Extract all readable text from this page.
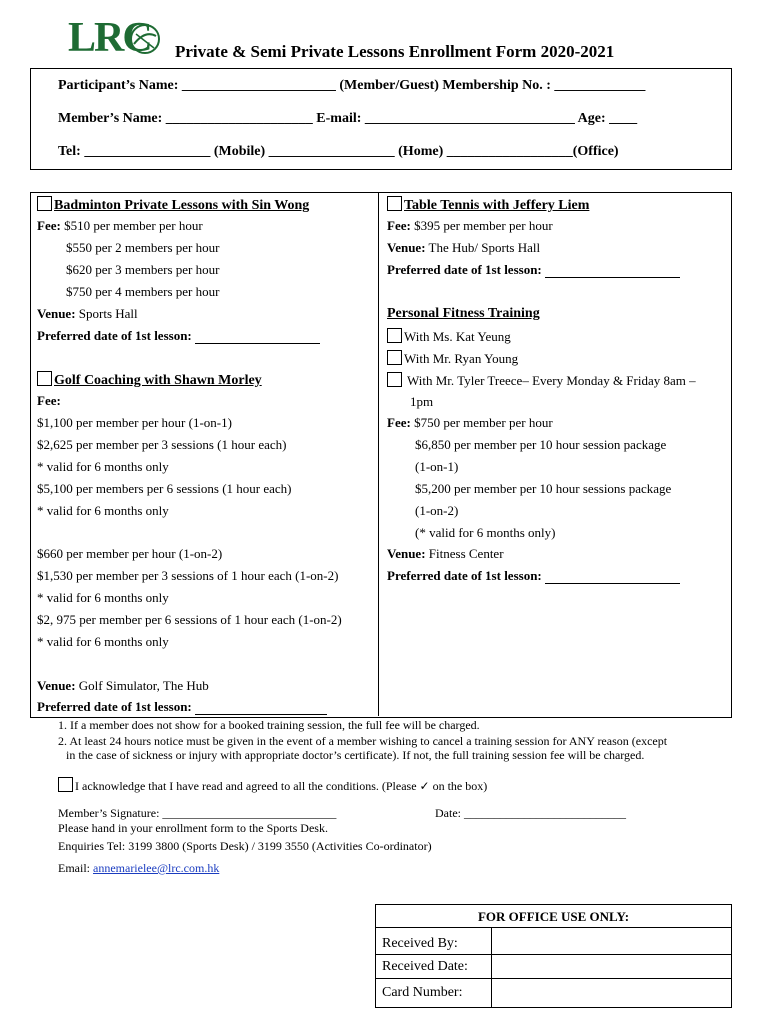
LRC Private & Semi Private Lessons Enrollment Form 2020-2021
Participant’s Name: ______________________ (Member/Guest) Membership No. : _____________
Member’s Name: _____________________ E-mail: ______________________________ Age: ____
Tel: __________________ (Mobile) __________________ (Home) __________________(Office)
Badminton Private Lessons with Sin Wong
Fee: $510 per member per hour
$550 per 2 members per hour
$620 per 3 members per hour
$750 per 4 members per hour
Venue: Sports Hall
Preferred date of 1st lesson:
Golf Coaching with Shawn Morley
Fee:
$1,100 per member per hour (1-on-1)
$2,625 per member per 3 sessions (1 hour each)
* valid for 6 months only
$5,100 per members per 6 sessions (1 hour each)
* valid for 6 months only
$660 per member per hour (1-on-2)
$1,530 per member per 3 sessions of 1 hour each (1-on-2)
* valid for 6 months only
$2, 975 per member per 6 sessions of 1 hour each (1-on-2)
* valid for 6 months only
Venue: Golf Simulator, The Hub
Preferred date of 1st lesson:
Table Tennis with Jeffery Liem
Fee: $395 per member per hour
Venue: The Hub/ Sports Hall
Preferred date of 1st lesson:
Personal Fitness Training
With Ms. Kat Yeung
With Mr. Ryan Young
With Mr. Tyler Treece– Every Monday & Friday 8am –
1pm
Fee: $750 per member per hour
$6,850 per member per 10 hour session package
(1-on-1)
$5,200 per member per 10 hour sessions package
(1-on-2)
(* valid for 6 months only)
Venue: Fitness Center
Preferred date of 1st lesson:
1. If a member does not show for a booked training session, the full fee will be charged.
2. At least 24 hours notice must be given in the event of a member wishing to cancel a training session for ANY reason (except
in the case of sickness or injury with appropriate doctor’s certificate). If not, the full training session fee will be charged.
I acknowledge that I have read and agreed to all the conditions. (Please ✓ on the box)
Member’s Signature: _____________________________	Date: ___________________________
Please hand in your enrollment form to the Sports Desk.
Enquiries Tel: 3199 3800 (Sports Desk) / 3199 3550 (Activities Co-ordinator)
Email: annemarielee@lrc.com.hk
FOR OFFICE USE ONLY:
Received By:
Received Date:
Card Number:
